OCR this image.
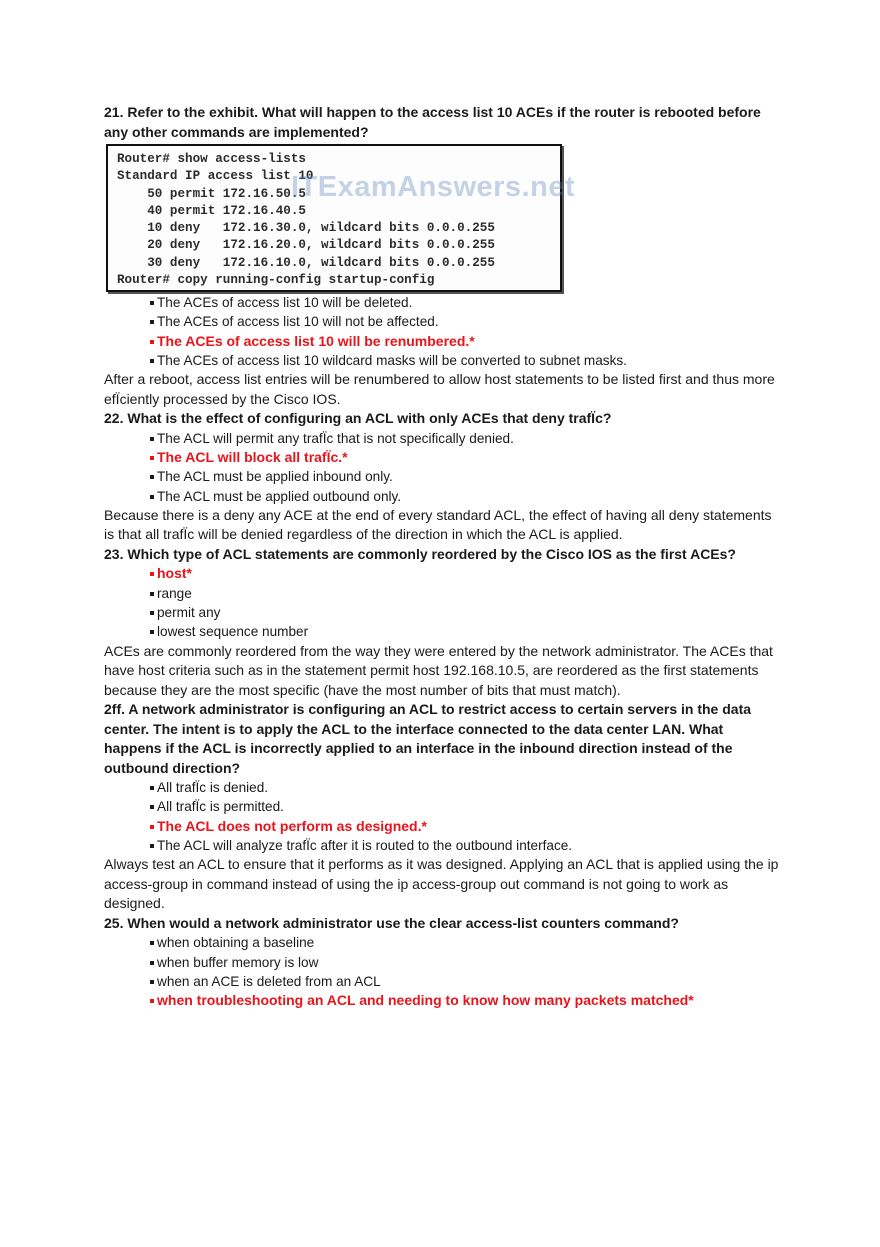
21. Refer to the exhibit. What will happen to the access list 10 ACEs if the router is rebooted before any other commands are implemented?

Router# show access-lists
Standard IP access list 10
50 permit 172.16.50.5
40 permit 172.16.40.5
10 deny   172.16.30.0, wildcard bits 0.0.0.255
20 deny   172.16.20.0, wildcard bits 0.0.0.255
30 deny   172.16.10.0, wildcard bits 0.0.0.255
Router# copy running-config startup-config
ITExamAnswers.net
The ACEs of access list 10 will be deleted.
The ACEs of access list 10 will not be affected.
The ACEs of access list 10 will be renumbered.*
The ACEs of access list 10 wildcard masks will be converted to subnet masks.

After a reboot, access list entries will be renumbered to allow host statements to be listed first and thus more efÏciently processed by the Cisco IOS.

22. What is the effect of configuring an ACL with only ACEs that deny trafÏc?

The ACL will permit any trafÏc that is not specifically denied.
The ACL will block all trafÏc.*
The ACL must be applied inbound only.
The ACL must be applied outbound only.

Because there is a deny any ACE at the end of every standard ACL, the effect of having all deny statements is that all trafÏc will be denied regardless of the direction in which the ACL is applied.

23. Which type of ACL statements are commonly reordered by the Cisco IOS as the first ACEs?

host*
range
permit any
lowest sequence number

ACEs are commonly reordered from the way they were entered by the network administrator. The ACEs that have host criteria such as in the statement permit host 192.168.10.5, are reordered as the first statements because they are the most specific (have the most number of bits that must match).

2ff. A network administrator is configuring an ACL to restrict access to certain servers in the data center. The intent is to apply the ACL to the interface connected to the data center LAN. What happens if the ACL is incorrectly applied to an interface in the inbound direction instead of the outbound direction?

All trafÏc is denied.
All trafÏc is permitted.
The ACL does not perform as designed.*
The ACL will analyze trafÏc after it is routed to the outbound interface.

Always test an ACL to ensure that it performs as it was designed. Applying an ACL that is applied using the ip access-group in command instead of using the ip access-group out command is not going to work as designed.

25. When would a network administrator use the clear access-list counters command?

when obtaining a baseline
when buffer memory is low
when an ACE is deleted from an ACL
when troubleshooting an ACL and needing to know how many packets matched*
